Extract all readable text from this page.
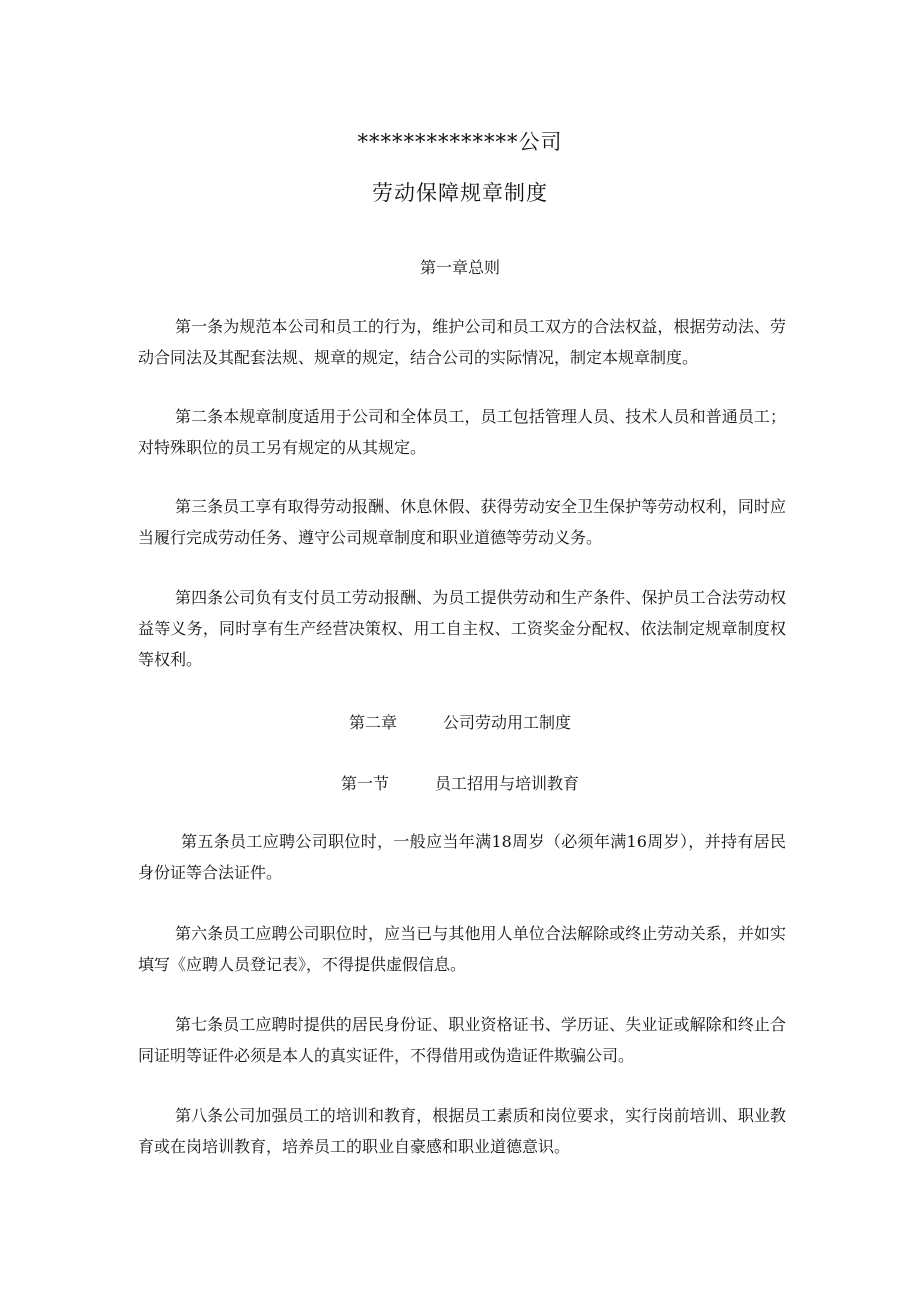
**************公司
劳动保障规章制度
第一章总则

第一条为规范本公司和员工的行为，维护公司和员工双方的合法权益，根据劳动法、劳动合同法及其配套法规、规章的规定，结合公司的实际情况，制定本规章制度。

第二条本规章制度适用于公司和全体员工，员工包括管理人员、技术人员和普通员工；对特殊职位的员工另有规定的从其规定。

第三条员工享有取得劳动报酬、休息休假、获得劳动安全卫生保护等劳动权利，同时应当履行完成劳动任务、遵守公司规章制度和职业道德等劳动义务。

第四条公司负有支付员工劳动报酬、为员工提供劳动和生产条件、保护员工合法劳动权益等义务，同时享有生产经营决策权、用工自主权、工资奖金分配权、依法制定规章制度权等权利。

第二章	公司劳动用工制度
第一节	员工招用与培训教育

第五条员工应聘公司职位时，一般应当年满18周岁（必须年满16周岁），并持有居民身份证等合法证件。

第六条员工应聘公司职位时，应当已与其他用人单位合法解除或终止劳动关系，并如实填写《应聘人员登记表》，不得提供虚假信息。

第七条员工应聘时提供的居民身份证、职业资格证书、学历证、失业证或解除和终止合同证明等证件必须是本人的真实证件，不得借用或伪造证件欺骗公司。

第八条公司加强员工的培训和教育，根据员工素质和岗位要求，实行岗前培训、职业教育或在岗培训教育，培养员工的职业自豪感和职业道德意识。
